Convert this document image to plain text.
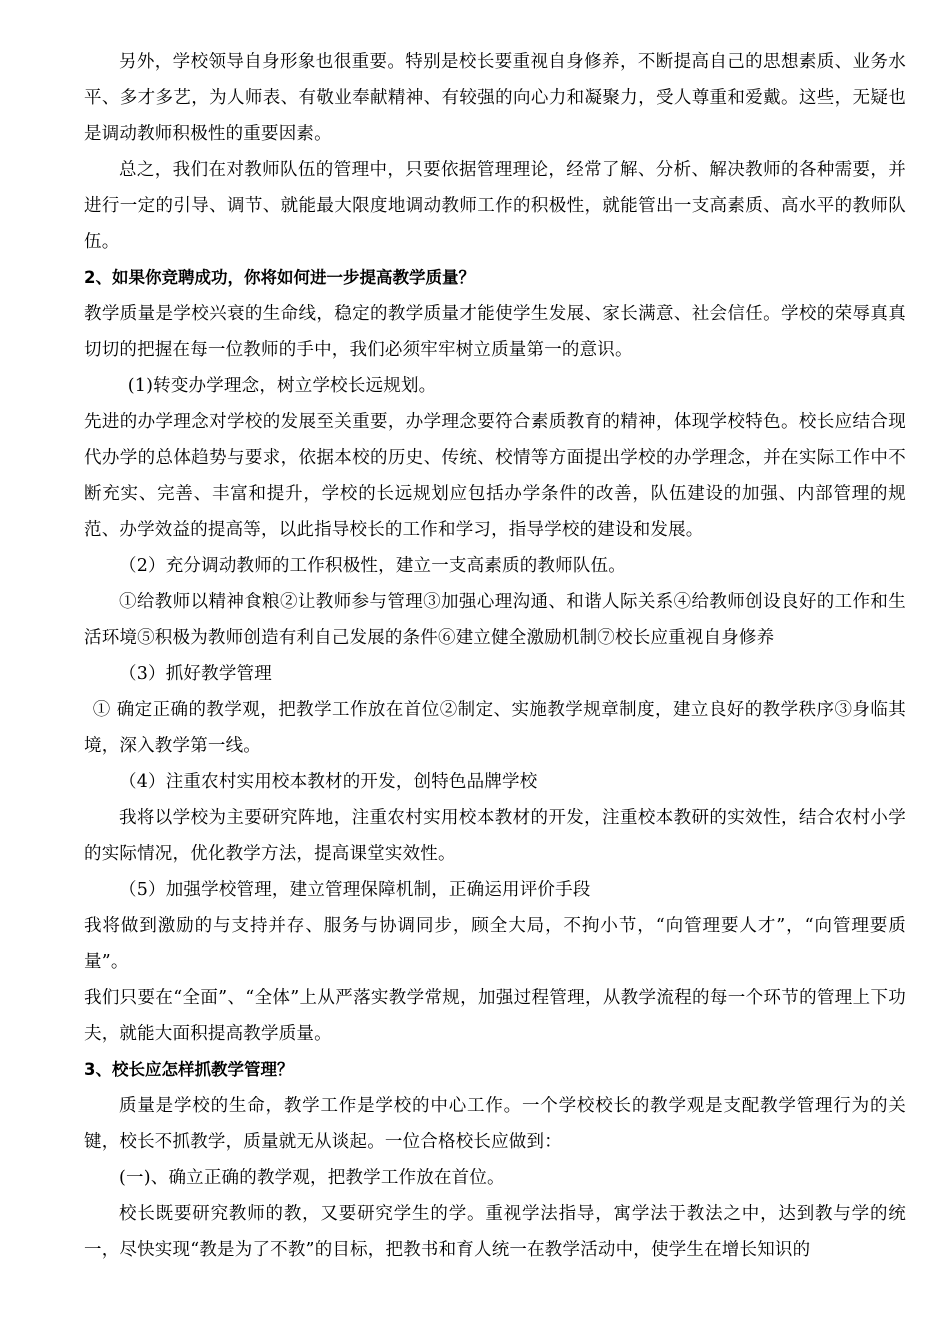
另外，学校领导自身形象也很重要。特别是校长要重视自身修养，不断提高自己的思想素质、业务水平、多才多艺，为人师表、有敬业奉献精神、有较强的向心力和凝聚力，受人尊重和爱戴。这些，无疑也是调动教师积极性的重要因素。

总之，我们在对教师队伍的管理中，只要依据管理理论，经常了解、分析、解决教师的各种需要，并进行一定的引导、调节、就能最大限度地调动教师工作的积极性，就能管出一支高素质、高水平的教师队伍。

2、如果你竞聘成功，你将如何进一步提高教学质量？

教学质量是学校兴衰的生命线，稳定的教学质量才能使学生发展、家长满意、社会信任。学校的荣辱真真切切的把握在每一位教师的手中，我们必须牢牢树立质量第一的意识。

(1)转变办学理念，树立学校长远规划。

先进的办学理念对学校的发展至关重要，办学理念要符合素质教育的精神，体现学校特色。校长应结合现代办学的总体趋势与要求，依据本校的历史、传统、校情等方面提出学校的办学理念，并在实际工作中不断充实、完善、丰富和提升，学校的长远规划应包括办学条件的改善，队伍建设的加强、内部管理的规范、办学效益的提高等，以此指导校长的工作和学习，指导学校的建设和发展。

（2）充分调动教师的工作积极性，建立一支高素质的教师队伍。

①给教师以精神食粮②让教师参与管理③加强心理沟通、和谐人际关系④给教师创设良好的工作和生活环境⑤积极为教师创造有利自己发展的条件⑥建立健全激励机制⑦校长应重视自身修养

（3）抓好教学管理

① 确定正确的教学观，把教学工作放在首位②制定、实施教学规章制度，建立良好的教学秩序③身临其境，深入教学第一线。

（4）注重农村实用校本教材的开发，创特色品牌学校

我将以学校为主要研究阵地，注重农村实用校本教材的开发，注重校本教研的实效性，结合农村小学的实际情况，优化教学方法，提高课堂实效性。

（5）加强学校管理，建立管理保障机制，正确运用评价手段

我将做到激励的与支持并存、服务与协调同步，顾全大局，不拘小节，“向管理要人才”，“向管理要质量”。

我们只要在“全面”、“全体”上从严落实教学常规，加强过程管理，从教学流程的每一个环节的管理上下功夫，就能大面积提高教学质量。

3、校长应怎样抓教学管理？

质量是学校的生命，教学工作是学校的中心工作。一个学校校长的教学观是支配教学管理行为的关键，校长不抓教学，质量就无从谈起。一位合格校长应做到：

(一)、确立正确的教学观，把教学工作放在首位。

校长既要研究教师的教，又要研究学生的学。重视学法指导，寓学法于教法之中，达到教与学的统一，尽快实现“教是为了不教”的目标，把教书和育人统一在教学活动中，使学生在增长知识的
